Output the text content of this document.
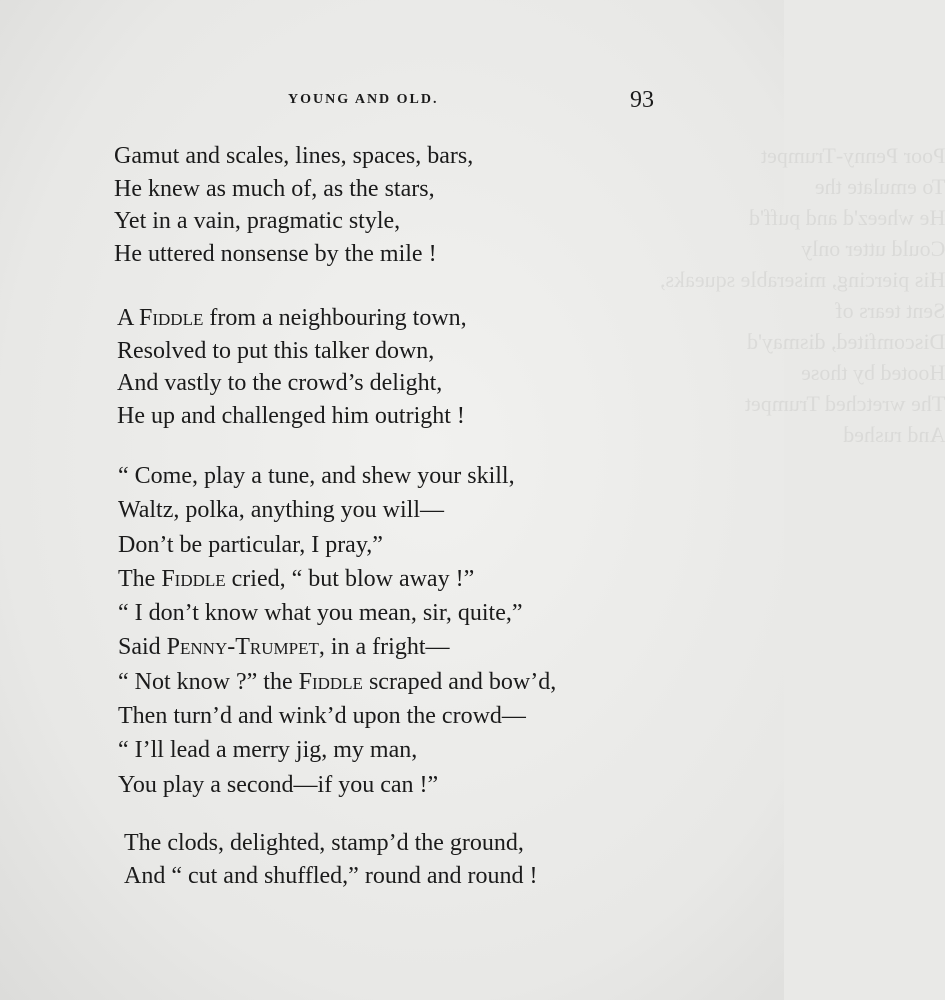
Poor Penny-Trumpet
To emulate the
He wheez'd and puff'd
Could utter only
His piercing, miserable squeaks,
Sent tears of
Discomfited, dismay'd
Hooted by those
The wretched Trumpet
And rushed
YOUNG AND OLD.	93

Gamut and scales, lines, spaces, bars,
He knew as much of, as the stars,
Yet in a vain, pragmatic style,
He uttered nonsense by the mile !

A Fiddle from a neighbouring town,
Resolved to put this talker down,
And vastly to the crowd’s delight,
He up and challenged him outright !

“ Come, play a tune, and shew your skill,
Waltz, polka, anything you will—
Don’t be particular, I pray,”
The Fiddle cried, “ but blow away !”
“ I don’t know what you mean, sir, quite,”
Said Penny-Trumpet, in a fright—
“ Not know ?” the Fiddle scraped and bow’d,
Then turn’d and wink’d upon the crowd—
“ I’ll lead a merry jig, my man,
You play a second—if you can !”

The clods, delighted, stamp’d the ground,
And “ cut and shuffled,” round and round !
